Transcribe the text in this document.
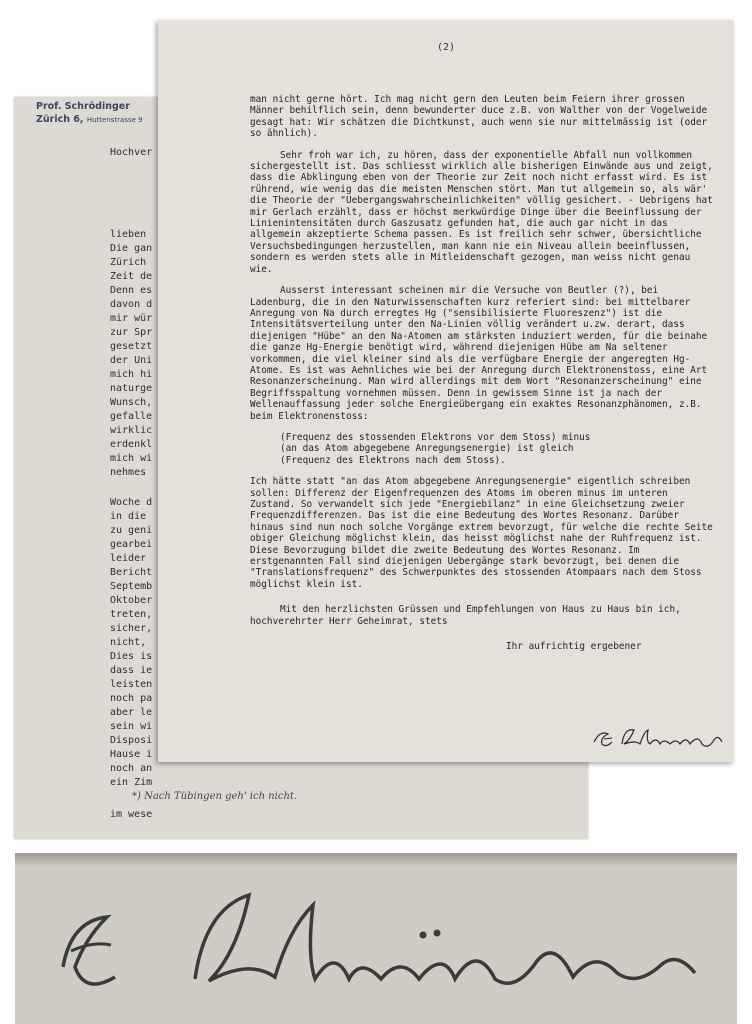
Prof. Schrödinger
Zürich 6, Huttenstrasse 9
Hochver
lieben
Die gan
Zürich
Zeit de
Denn es
davon d
mir wür
zur Spr
gesetzt
der Uni
mich hi
naturge
Wunsch,
gefalle
wirklic
erdenkl
mich wi
nehmes
Woche d
in die
zu geni
gearbei
leider
Bericht
Septemb
Oktober
treten,
sicher,
nicht,
Dies is
dass ie
leisten
noch pa
aber le
sein wi
Disposi
Hause i
noch an
ein Zim
im wese
*) Nach Tübingen geh' ich nicht.
(2)

man nicht gerne hört. Ich mag nicht gern den Leuten beim Feiern ihrer grossen Männer behilflich sein, denn bewunderter duce z.B. von Walther von der Vogelweide gesagt hat: Wir schätzen die Dichtkunst, auch wenn sie nur mittelmässig ist (oder so ähnlich).

Sehr froh war ich, zu hören, dass der exponentielle Abfall nun vollkommen sichergestellt ist. Das schliesst wirklich alle bisherigen Einwände aus und zeigt, dass die Abklingung eben von der Theorie zur Zeit noch nicht erfasst wird. Es ist rührend, wie wenig das die meisten Menschen stört. Man tut allgemein so, als wär' die Theorie der "Uebergangswahrscheinlichkeiten" völlig gesichert. - Uebrigens hat mir Gerlach erzählt, dass er höchst merkwürdige Dinge über die Beeinflussung der Linienintensitäten durch Gaszusatz gefunden hat, die auch gar nicht in das allgemein akzeptierte Schema passen. Es ist freilich sehr schwer, übersichtliche Versuchsbedingungen herzustellen, man kann nie ein Niveau allein beeinflussen, sondern es werden stets alle in Mitleidenschaft gezogen, man weiss nicht genau wie.

Ausserst interessant scheinen mir die Versuche von Beutler (?), bei Ladenburg, die in den Naturwissenschaften kurz referiert sind: bei mittelbarer Anregung von Na durch erregtes Hg ("sensibilisierte Fluoreszenz") ist die Intensitätsverteilung unter den Na-Linien völlig verändert u.zw. derart, dass diejenigen "Hübe" an den Na-Atomen am stärksten induziert werden, für die beinahe die ganze Hg-Energie benötigt wird, während diejenigen Hübe am Na seltener vorkommen, die viel kleiner sind als die verfügbare Energie der angeregten Hg-Atome. Es ist was Aehnliches wie bei der Anregung durch Elektronenstoss, eine Art Resonanzerscheinung. Man wird allerdings mit dem Wort "Resonanzerscheinung" eine Begriffsspaltung vornehmen müssen. Denn in gewissem Sinne ist ja nach der Wellenauffassung jeder solche Energieübergang ein exaktes Resonanzphänomen, z.B. beim Elektronenstoss:

(Frequenz des stossenden Elektrons vor dem Stoss) minus
(an das Atom abgegebene Anregungsenergie) ist gleich
(Frequenz des Elektrons nach dem Stoss).

Ich hätte statt "an das Atom abgegebene Anregungsenergie" eigentlich schreiben sollen: Differenz der Eigenfrequenzen des Atoms im oberen minus im unteren Zustand. So verwandelt sich jede "Energiebilanz" in eine Gleichsetzung zweier Frequenzdifferenzen. Das ist die eine Bedeutung des Wortes Resonanz. Darüber hinaus sind nun noch solche Vorgänge extrem bevorzugt, für welche die rechte Seite obiger Gleichung möglichst klein, das heisst möglichst nahe der Ruhfrequenz ist. Diese Bevorzugung bildet die zweite Bedeutung des Wortes Resonanz. Im erstgenannten Fall sind diejenigen Uebergänge stark bevorzugt, bei denen die "Translationsfrequenz" des Schwerpunktes des stossenden Atompaars nach dem Stoss möglichst klein ist.

Mit den herzlichsten Grüssen und Empfehlungen von Haus zu Haus bin ich, hochverehrter Herr Geheimrat, stets

Ihr aufrichtig ergebener
